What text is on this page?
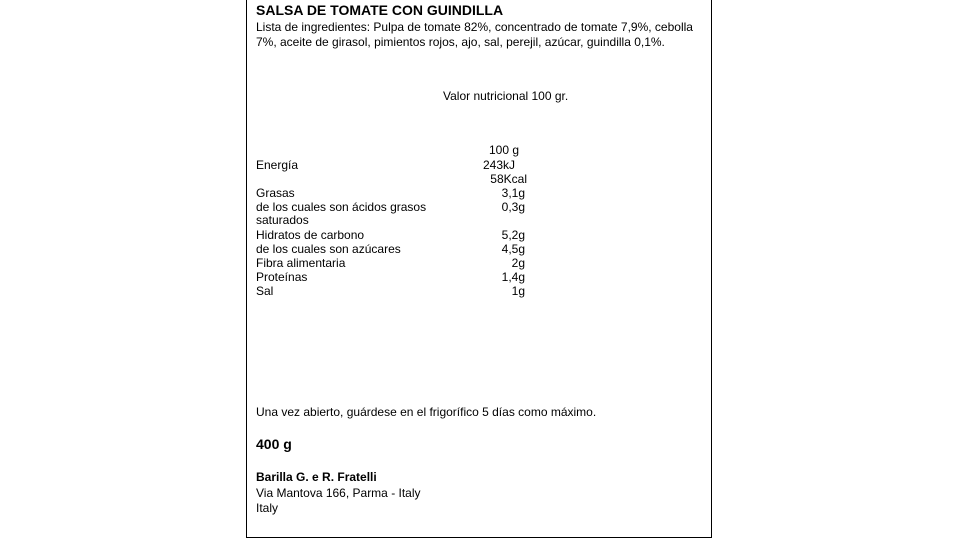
SALSA DE TOMATE CON GUINDILLA
Lista de ingredientes: Pulpa de tomate 82%, concentrado de tomate 7,9%, cebolla 7%, aceite de girasol, pimientos rojos, ajo, sal, perejil, azúcar, guindilla 0,1%.
Valor nutricional 100 gr.
100 g
Energía	243kJ
58Kcal
Grasas	3,1g
de los cuales son ácidos grasos	0,3g
saturados
Hidratos de carbono	5,2g
de los cuales son azúcares	4,5g
Fibra alimentaria	2g
Proteínas	1,4g
Sal	1g
Una vez abierto, guárdese en el frigorífico 5 días como máximo.
400 g
Barilla G. e R. Fratelli
Via Mantova 166, Parma - Italy
Italy
